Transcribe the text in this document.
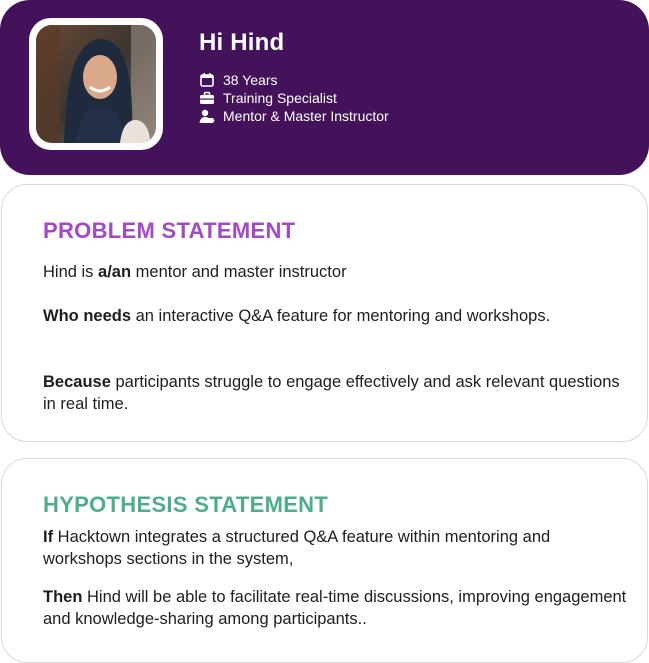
Hi Hind
38 Years
Training Specialist
Mentor & Master Instructor
PROBLEM STATEMENT
Hind is a/an mentor and master instructor
Who needs an interactive Q&A feature for mentoring and workshops.
Because participants struggle to engage effectively and ask relevant questions in real time.
HYPOTHESIS STATEMENT
If Hacktown integrates a structured Q&A feature within mentoring and workshops sections in the system,
Then Hind will be able to facilitate real-time discussions, improving engagement and knowledge-sharing among participants..
